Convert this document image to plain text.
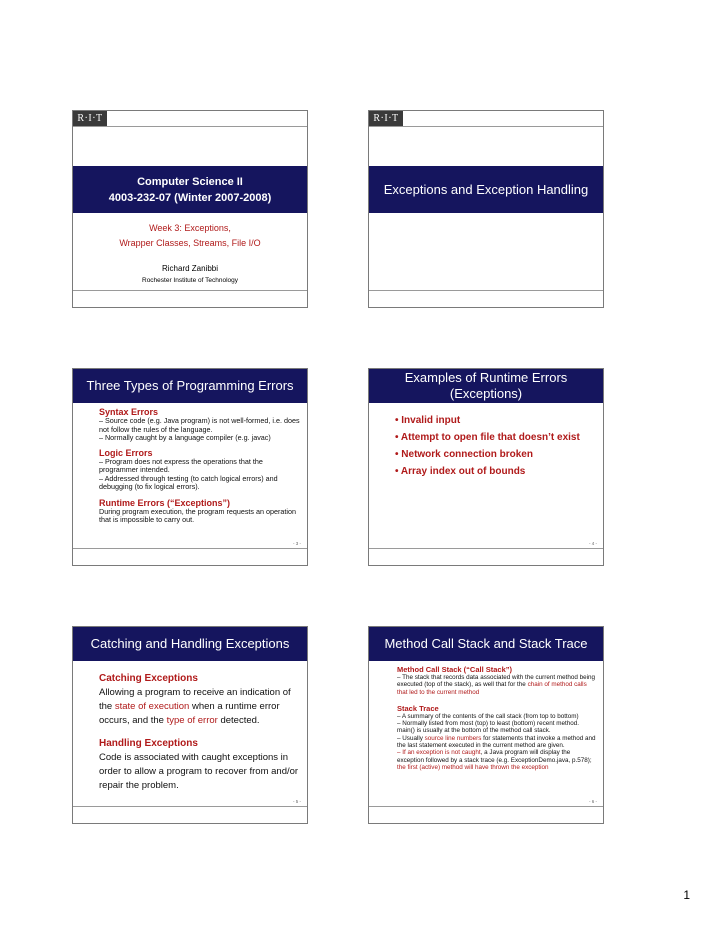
R·I·T
Computer Science II
4003-232-07 (Winter 2007-2008)
Week 3: Exceptions,
Wrapper Classes, Streams, File I/O
Richard Zanibbi
Rochester Institute of Technology
R·I·T
Exceptions and Exception Handling
Three Types of Programming Errors

Syntax Errors

– Source code (e.g. Java program) is not well-formed, i.e. does not follow the rules of the language.
– Normally caught by a language compiler (e.g. javac)

Logic Errors

– Program does not express the operations that the programmer intended.
– Addressed through testing (to catch logical errors) and debugging (to fix logical errors).

Runtime Errors (“Exceptions”)

During program execution, the program requests an operation that is impossible to carry out.

- 3 -
Examples of Runtime Errors
(Exceptions)
• Invalid input
• Attempt to open file that doesn’t exist
• Network connection broken
• Array index out of bounds
- 4 -
Catching and Handling Exceptions

Catching Exceptions

Allowing a program to receive an indication of the state of execution when a runtime error occurs, and the type of error detected.

Handling Exceptions

Code is associated with caught exceptions in order to allow a program to recover from and/or repair the problem.

- 5 -
Method Call Stack and Stack Trace

Method Call Stack (“Call Stack”)

– The stack that records data associated with the current method being executed (top of the stack), as well that for the chain of method calls that led to the current method

Stack Trace

– A summary of the contents of the call stack (from top to bottom)

– Normally listed from most (top) to least (bottom) recent method. main() is usually at the bottom of the method call stack.

– Usually source line numbers for statements that invoke a method and the last statement executed in the current method are given.

– If an exception is not caught, a Java program will display the exception followed by a stack trace (e.g. ExceptionDemo.java, p.578); the first (active) method will have thrown the exception

- 6 -
1
